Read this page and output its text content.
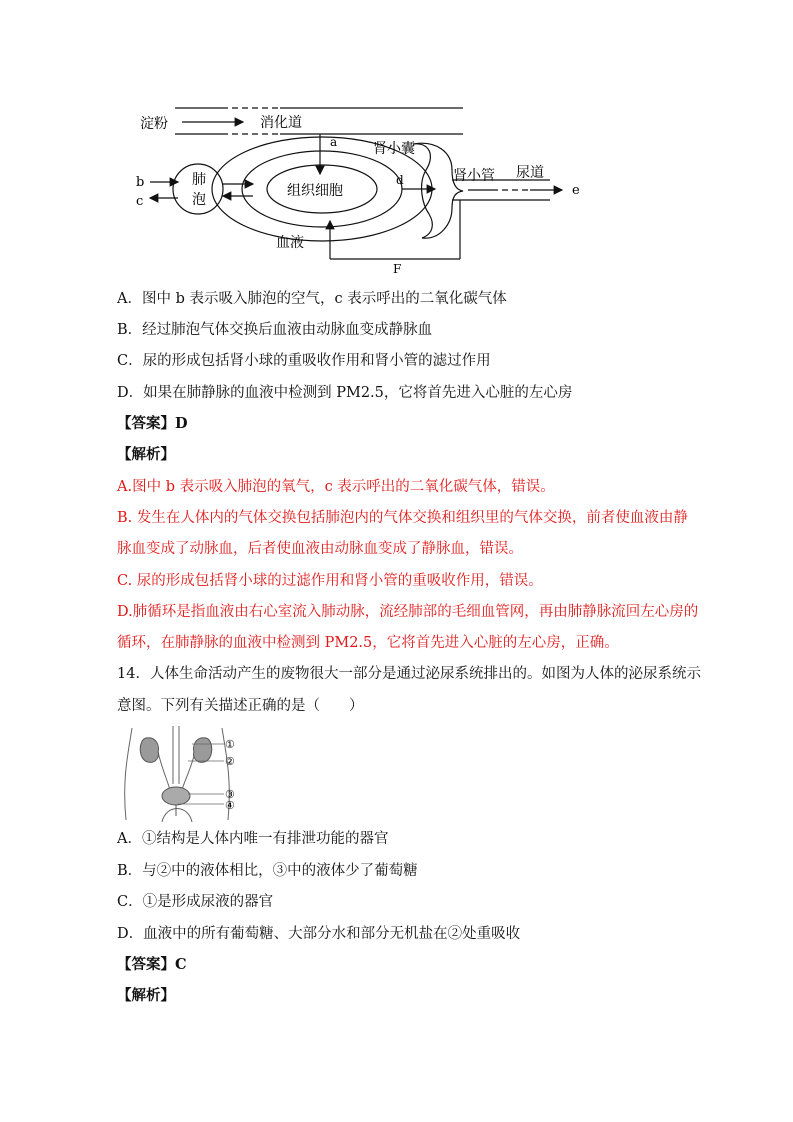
淀粉	消化道
a	肾小囊
b
c
肺
泡
组织细胞
d	肾小管 尿道
e
血液
F
A．图中 b 表示吸入肺泡的空气，c 表示呼出的二氧化碳气体
B．经过肺泡气体交换后血液由动脉血变成静脉血
C．尿的形成包括肾小球的重吸收作用和肾小管的滤过作用
D．如果在肺静脉的血液中检测到 PM2.5，它将首先进入心脏的左心房
【答案】D
【解析】
A.图中 b 表示吸入肺泡的氧气，c 表示呼出的二氧化碳气体，错误。
B. 发生在人体内的气体交换包括肺泡内的气体交换和组织里的气体交换，前者使血液由静
脉血变成了动脉血，后者使血液由动脉血变成了静脉血，错误。
C. 尿的形成包括肾小球的过滤作用和肾小管的重吸收作用，错误。
D.肺循环是指血液由右心室流入肺动脉，流经肺部的毛细血管网，再由肺静脉流回左心房的
循环，在肺静脉的血液中检测到 PM2.5，它将首先进入心脏的左心房，正确。
14．人体生命活动产生的废物很大一部分是通过泌尿系统排出的。如图为人体的泌尿系统示
意图。下列有关描述正确的是（　　）
①
②
③
④
A．①结构是人体内唯一有排泄功能的器官
B．与②中的液体相比，③中的液体少了葡萄糖
C．①是形成尿液的器官
D．血液中的所有葡萄糖、大部分水和部分无机盐在②处重吸收
【答案】C
【解析】
